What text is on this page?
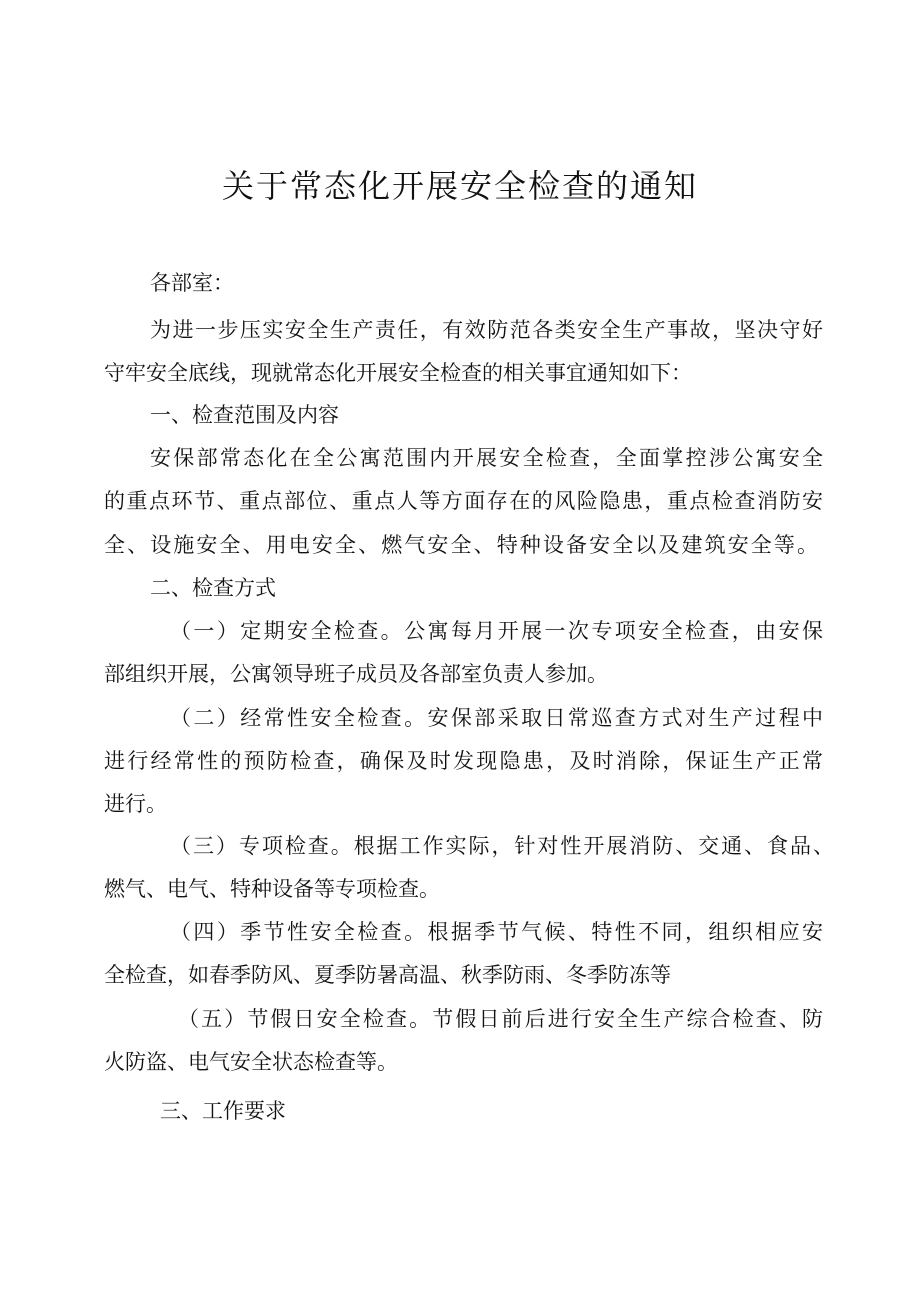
关于常态化开展安全检查的通知
各部室：
为进一步压实安全生产责任，有效防范各类安全生产事故，坚决守好
守牢安全底线，现就常态化开展安全检查的相关事宜通知如下：
一、检查范围及内容
安保部常态化在全公寓范围内开展安全检查，全面掌控涉公寓安全
的重点环节、重点部位、重点人等方面存在的风险隐患，重点检查消防安
全、设施安全、用电安全、燃气安全、特种设备安全以及建筑安全等。
二、检查方式
（一）定期安全检查。公寓每月开展一次专项安全检查，由安保
部组织开展，公寓领导班子成员及各部室负责人参加。
（二）经常性安全检查。安保部采取日常巡查方式对生产过程中
进行经常性的预防检查，确保及时发现隐患，及时消除，保证生产正常
进行。
（三）专项检查。根据工作实际，针对性开展消防、交通、食品、
燃气、电气、特种设备等专项检查。
（四）季节性安全检查。根据季节气候、特性不同，组织相应安
全检查，如春季防风、夏季防暑高温、秋季防雨、冬季防冻等
（五）节假日安全检查。节假日前后进行安全生产综合检查、防
火防盗、电气安全状态检查等。
三、工作要求
